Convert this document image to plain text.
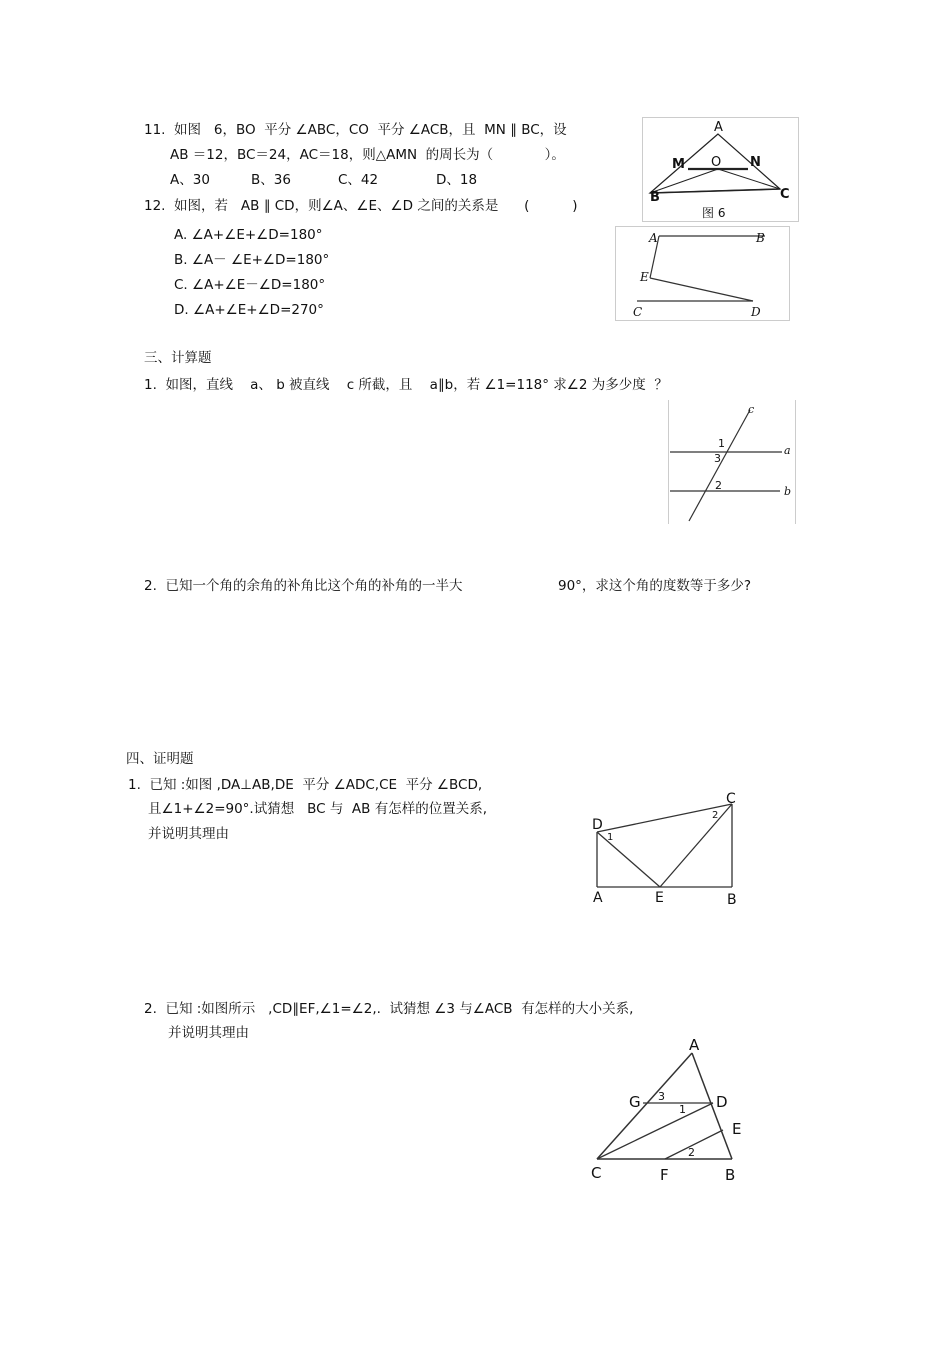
11.  如图   6，BO  平分 ∠ABC，CO  平分 ∠ACB，且  MN ∥ BC，设
AB ＝12，BC＝24，AC＝18，则△AMN  的周长为（            ）。
A、30	B、36	C、42	D、18
A
M O N
B	C
图 6
12.  如图，若   AB ∥ CD，则∠A、∠E、∠D 之间的关系是      (          )
A. ∠A+∠E+∠D=180°
B. ∠A－ ∠E+∠D=180°
C. ∠A+∠E－∠D=180°
D. ∠A+∠E+∠D=270°
A	B
E
C	D
三、计算题
1.  如图，直线    a、 b 被直线    c 所截，且    a∥b，若 ∠1=118° 求∠2 为多少度  ？
c
a
b
1
3
2
2.  已知一个角的余角的补角比这个角的补角的一半大	90°，求这个角的度数等于多少?
四、证明题
1.  已知 :如图 ,DA⊥AB,DE  平分 ∠ADC,CE  平分 ∠BCD,
且∠1+∠2=90°.试猜想   BC 与  AB 有怎样的位置关系,
并说明其理由
C
D
1
2
A	E	B
2.  已知 :如图所示   ,CD∥EF,∠1=∠2,.  试猜想 ∠3 与∠ACB  有怎样的大小关系,
并说明其理由
A
G 3
1 D
E
2
C	F	B
